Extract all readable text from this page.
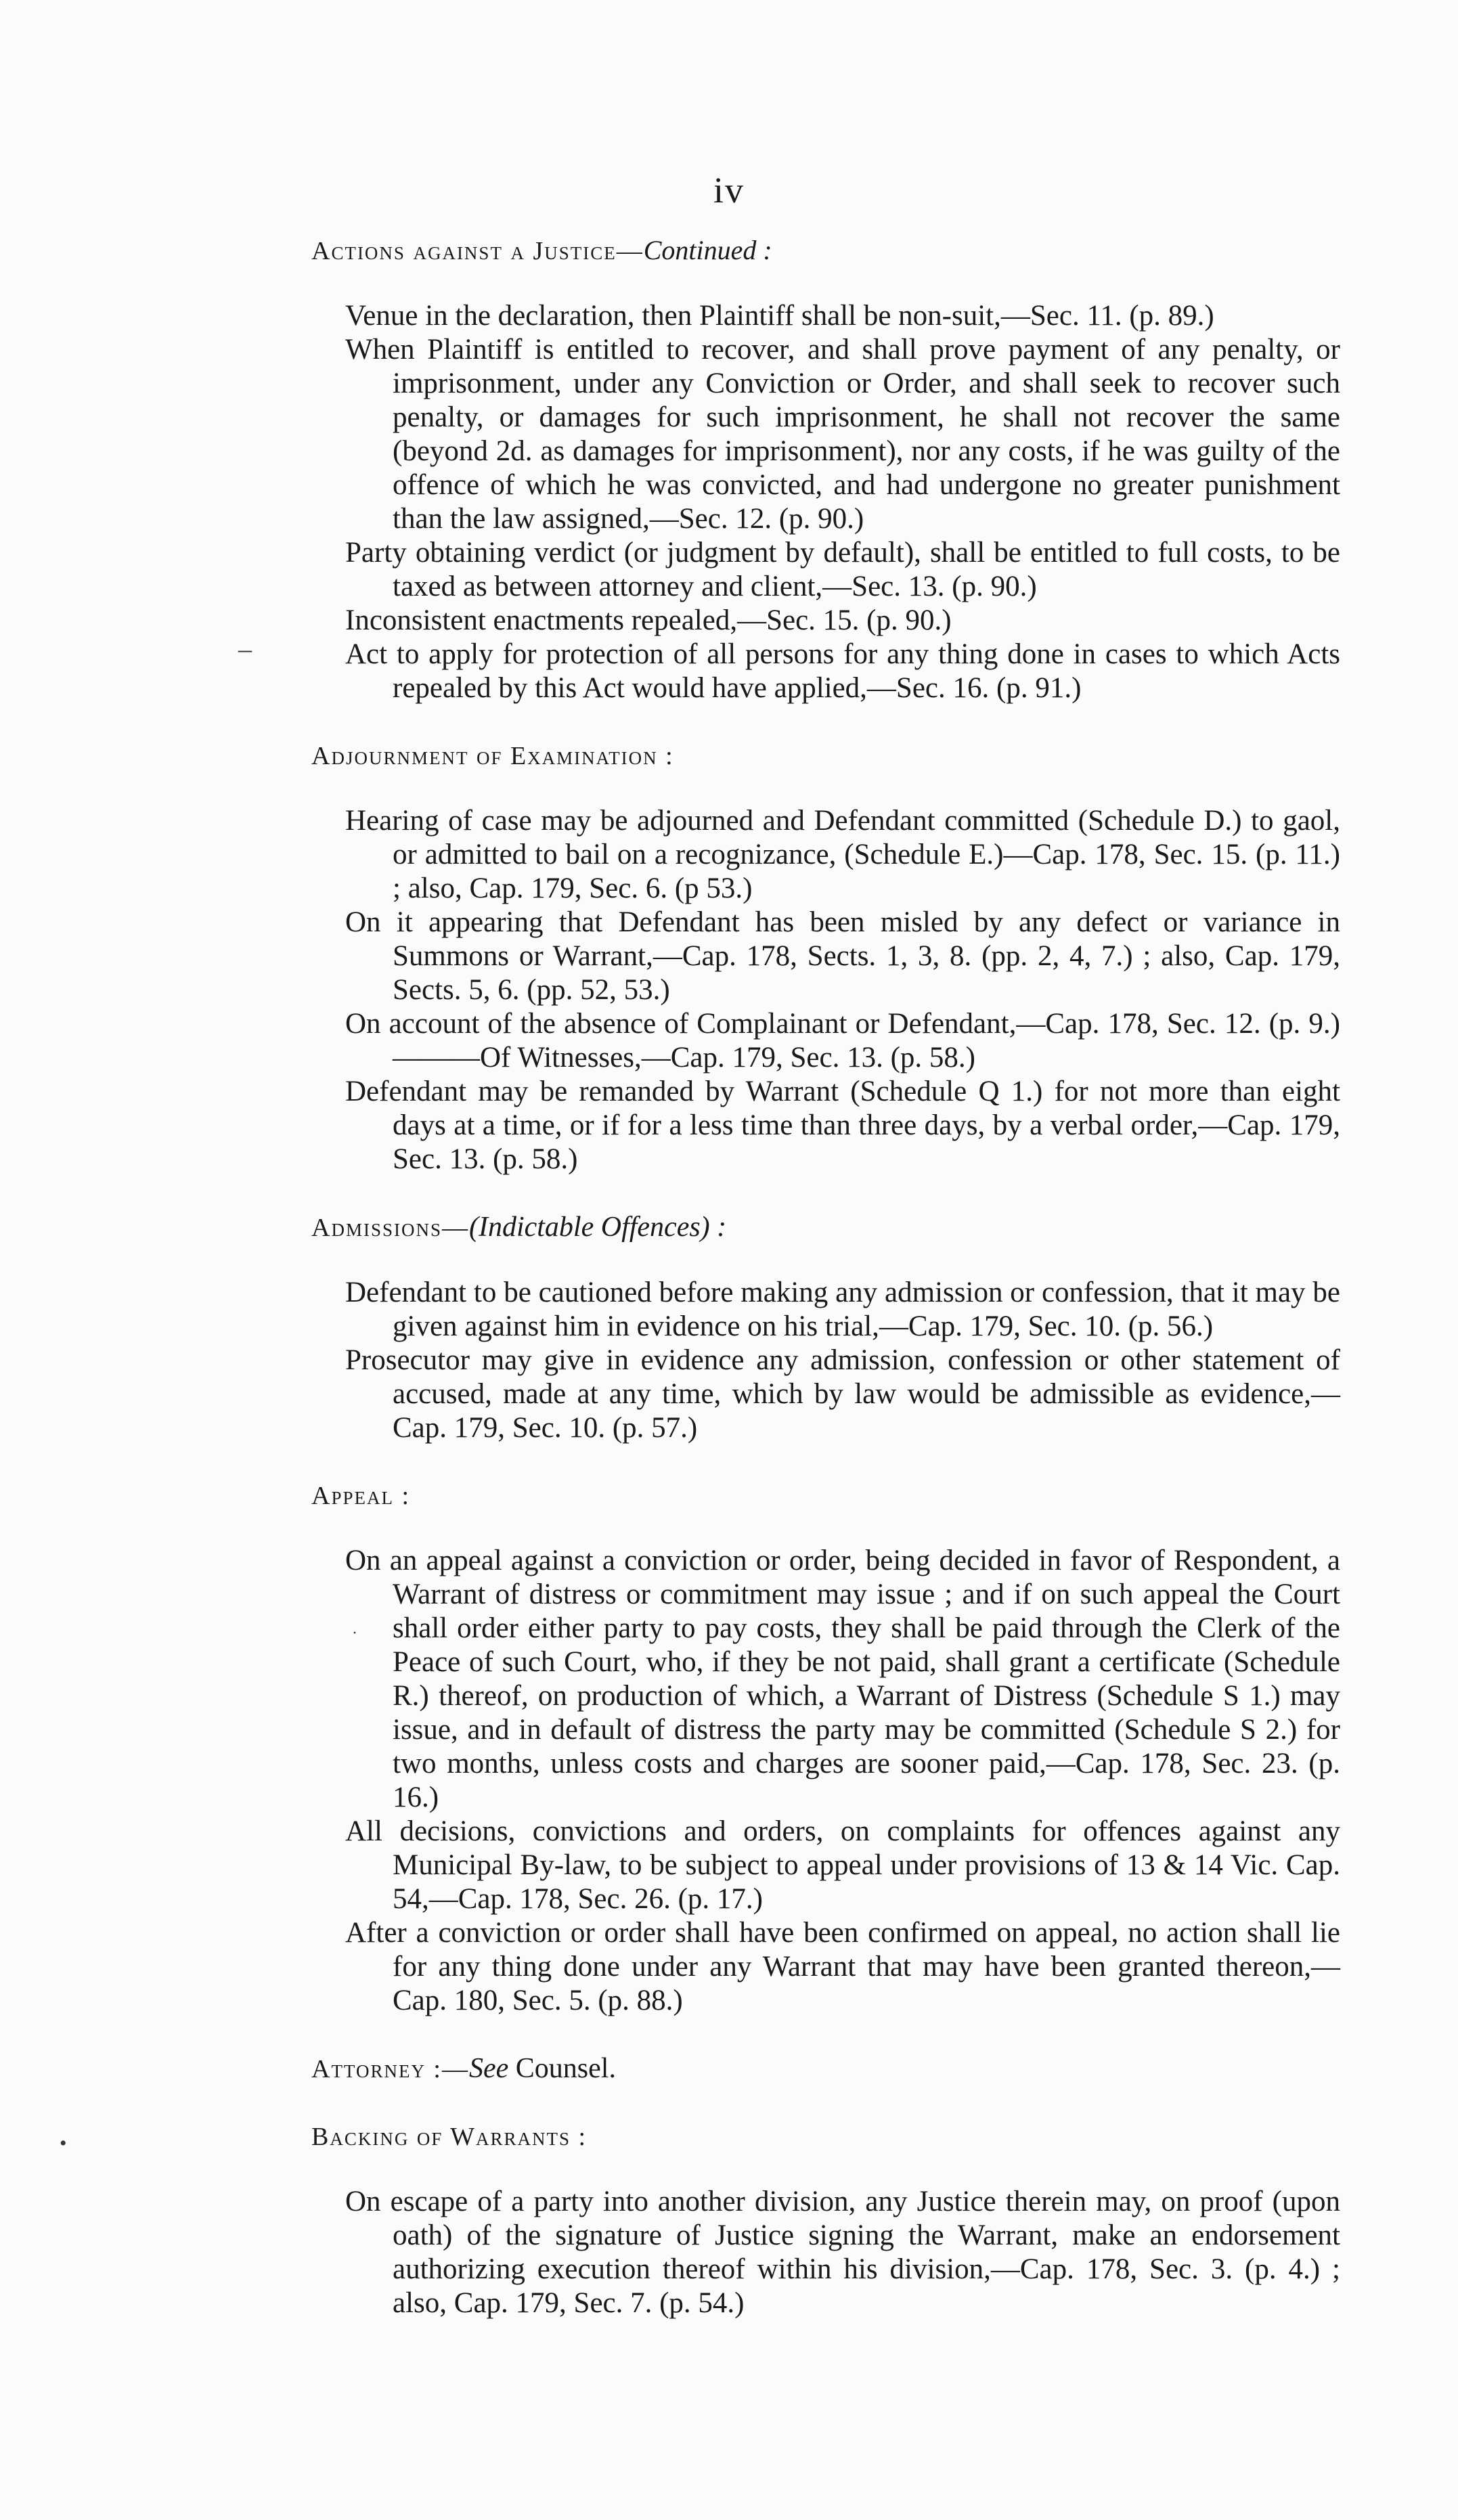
iv
–
·
•
Actions against a Justice—Continued :
Venue in the declaration, then Plaintiff shall be non-suit,—Sec. 11. (p. 89.)
When Plaintiff is entitled to recover, and shall prove payment of any penalty, or imprisonment, under any Conviction or Order, and shall seek to recover such penalty, or damages for such imprisonment, he shall not recover the same (beyond 2d. as damages for imprisonment), nor any costs, if he was guilty of the offence of which he was convicted, and had undergone no greater punishment than the law assigned,—Sec. 12. (p. 90.)
Party obtaining verdict (or judgment by default), shall be entitled to full costs, to be taxed as between attorney and client,—Sec. 13. (p. 90.)
Inconsistent enactments repealed,—Sec. 15. (p. 90.)
Act to apply for protection of all persons for any thing done in cases to which Acts repealed by this Act would have applied,—Sec. 16. (p. 91.)
Adjournment of Examination :
Hearing of case may be adjourned and Defendant committed (Schedule D.) to gaol, or admitted to bail on a recognizance, (Schedule E.)—Cap. 178, Sec. 15. (p. 11.) ; also, Cap. 179, Sec. 6. (p 53.)
On it appearing that Defendant has been misled by any defect or variance in Summons or Warrant,—Cap. 178, Sects. 1, 3, 8. (pp. 2, 4, 7.) ; also, Cap. 179, Sects. 5, 6. (pp. 52, 53.)
On account of the absence of Complainant or Defendant,—Cap. 178, Sec. 12. (p. 9.)———Of Witnesses,—Cap. 179, Sec. 13. (p. 58.)
Defendant may be remanded by Warrant (Schedule Q 1.) for not more than eight days at a time, or if for a less time than three days, by a verbal order,—Cap. 179, Sec. 13. (p. 58.)
Admissions—(Indictable Offences) :
Defendant to be cautioned before making any admission or confession, that it may be given against him in evidence on his trial,—Cap. 179, Sec. 10. (p. 56.)
Prosecutor may give in evidence any admission, confession or other statement of accused, made at any time, which by law would be admissible as evidence,—Cap. 179, Sec. 10. (p. 57.)
Appeal :
On an appeal against a conviction or order, being decided in favor of Respondent, a Warrant of distress or commitment may issue ; and if on such appeal the Court shall order either party to pay costs, they shall be paid through the Clerk of the Peace of such Court, who, if they be not paid, shall grant a certificate (Schedule R.) thereof, on production of which, a Warrant of Distress (Schedule S 1.) may issue, and in default of distress the party may be committed (Schedule S 2.) for two months, unless costs and charges are sooner paid,—Cap. 178, Sec. 23. (p. 16.)
All decisions, convictions and orders, on complaints for offences against any Municipal By-law, to be subject to appeal under provisions of 13 & 14 Vic. Cap. 54,—Cap. 178, Sec. 26. (p. 17.)
After a conviction or order shall have been confirmed on appeal, no action shall lie for any thing done under any Warrant that may have been granted thereon,—Cap. 180, Sec. 5. (p. 88.)
Attorney :—See Counsel.
Backing of Warrants :
On escape of a party into another division, any Justice therein may, on proof (upon oath) of the signature of Justice signing the Warrant, make an endorsement authorizing execution thereof within his division,—Cap. 178, Sec. 3. (p. 4.) ; also, Cap. 179, Sec. 7. (p. 54.)
